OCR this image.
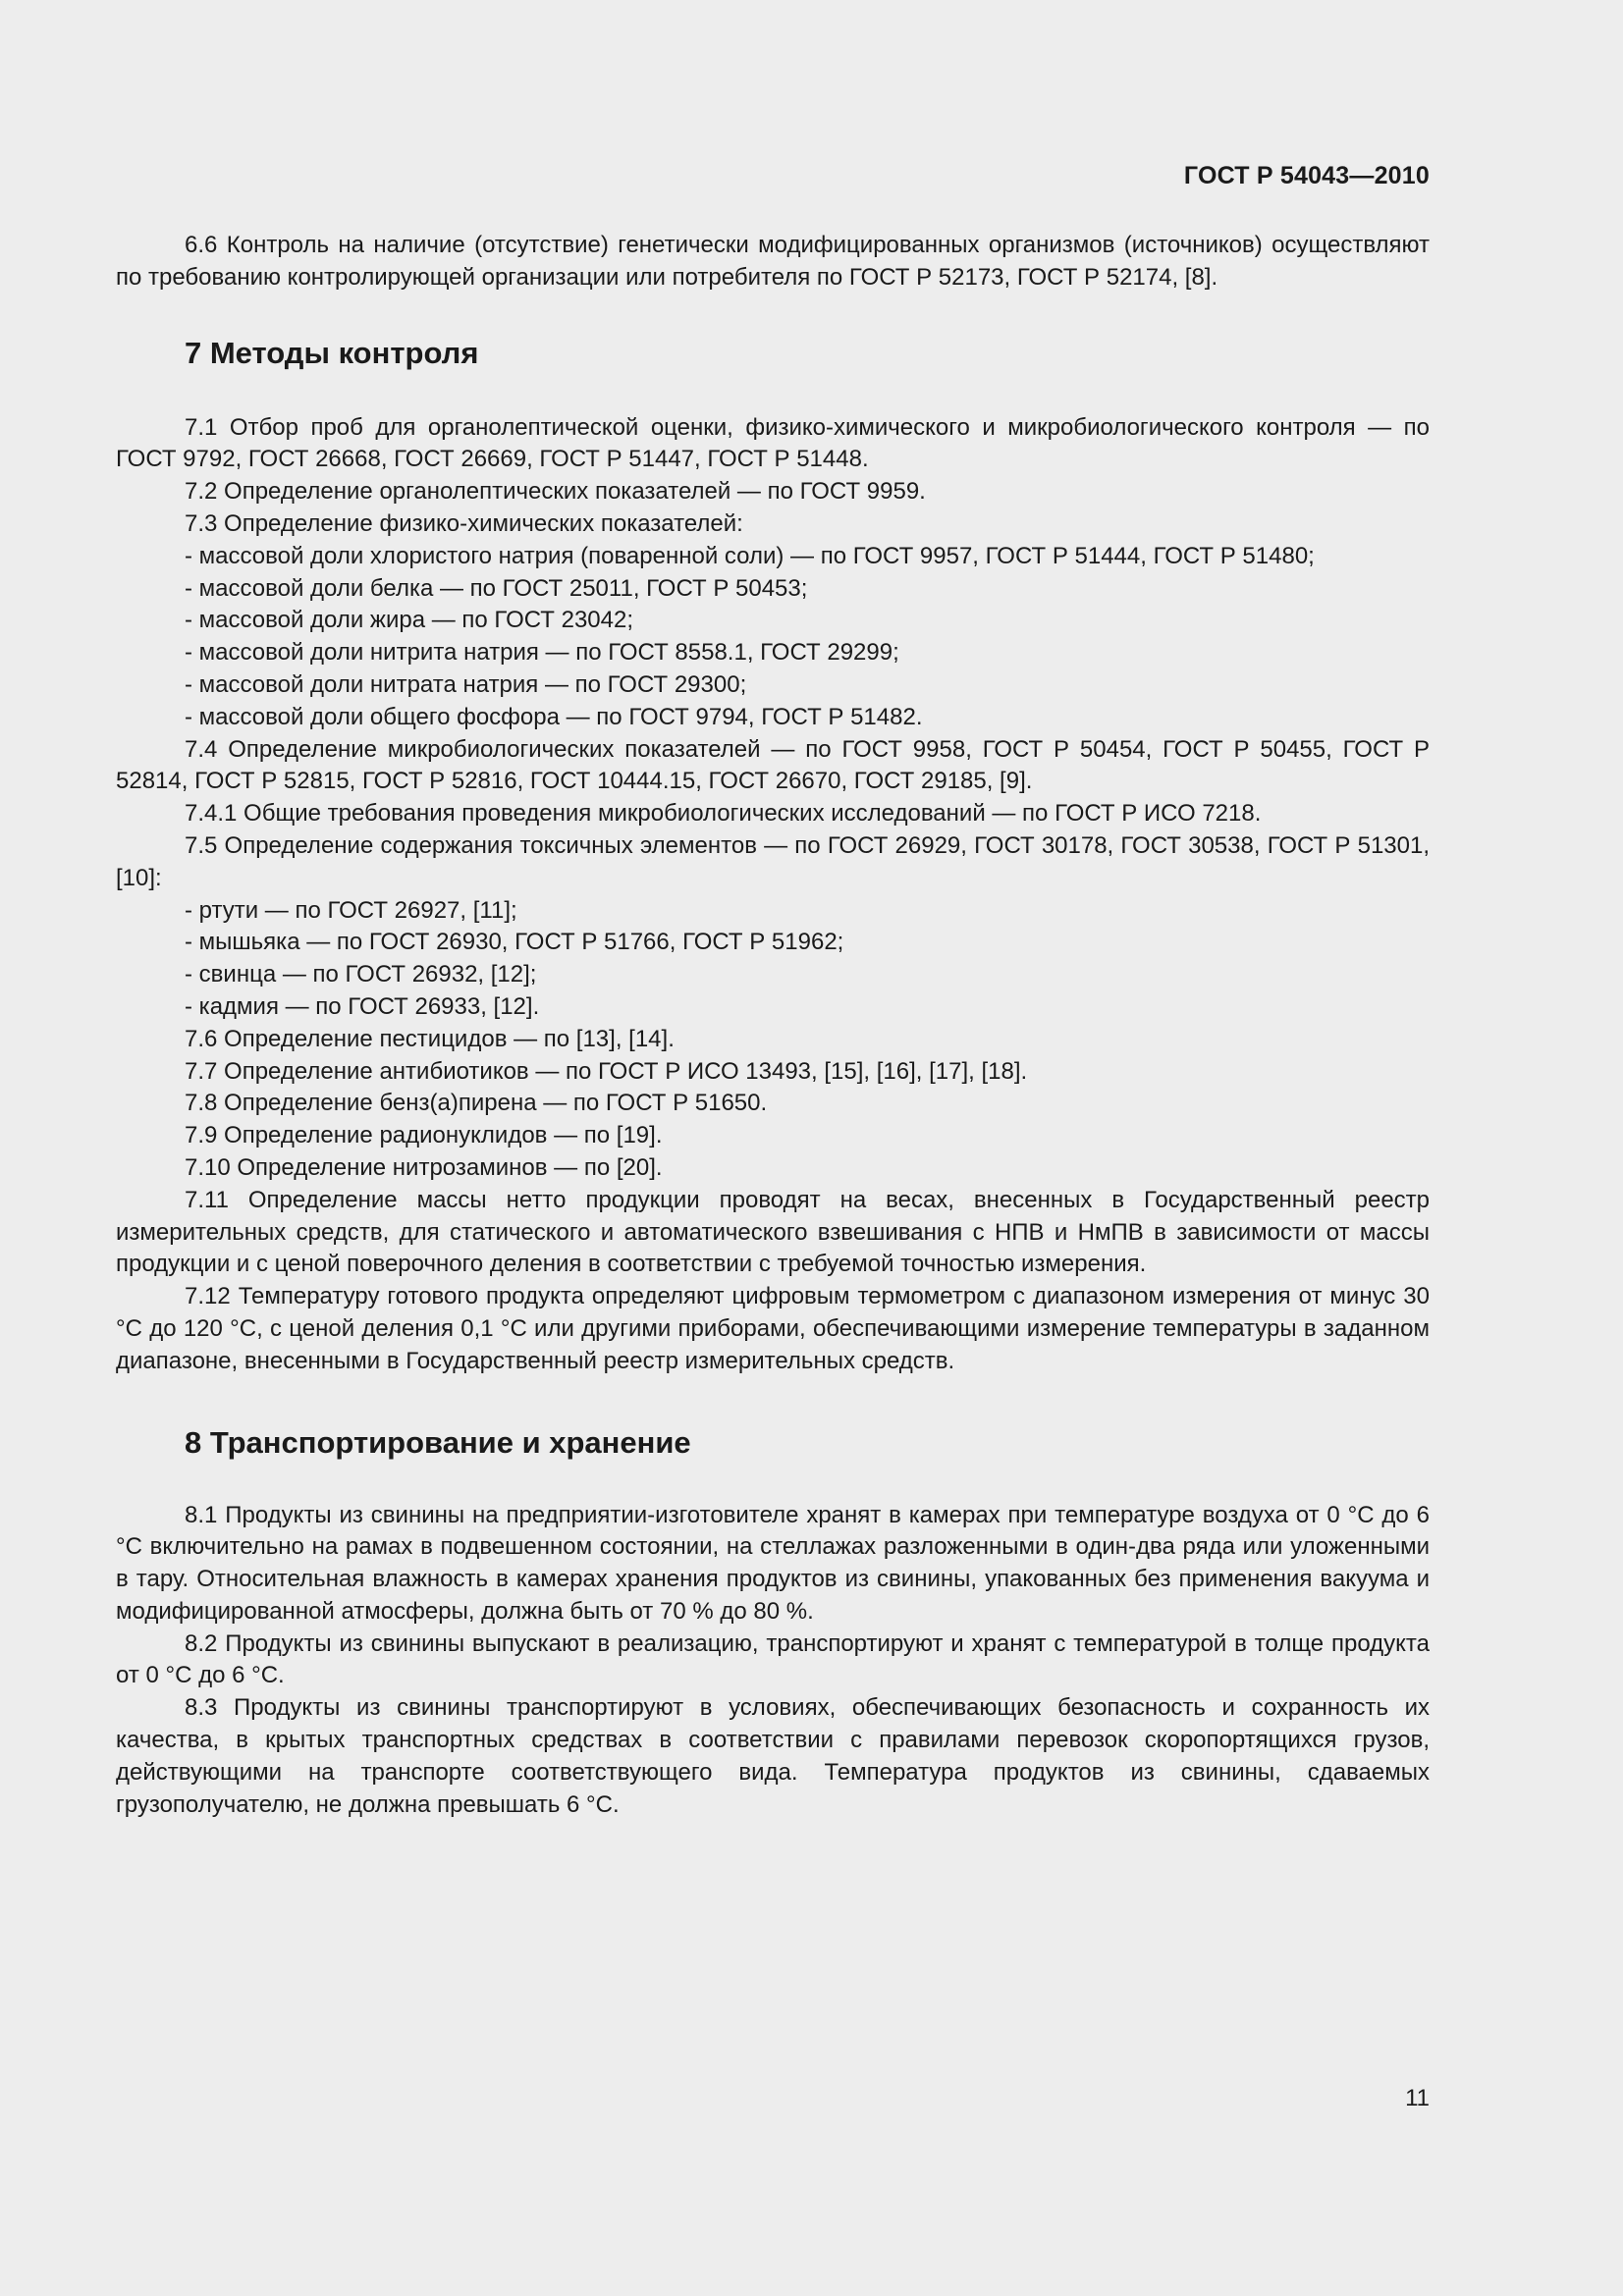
ГОСТ Р 54043—2010

6.6 Контроль на наличие (отсутствие) генетически модифицированных организмов (источников) осуществляют по требованию контролирующей организации или потребителя по ГОСТ Р 52173, ГОСТ Р 52174, [8].

7 Методы контроля

7.1 Отбор проб для органолептической оценки, физико-химического и микробиологического контроля — по ГОСТ 9792, ГОСТ 26668, ГОСТ 26669, ГОСТ Р 51447, ГОСТ Р 51448.

7.2 Определение органолептических показателей — по ГОСТ 9959.

7.3 Определение физико-химических показателей:

- массовой доли хлористого натрия (поваренной соли) — по ГОСТ 9957, ГОСТ Р 51444, ГОСТ Р 51480;

- массовой доли белка — по ГОСТ 25011, ГОСТ Р 50453;

- массовой доли жира — по ГОСТ 23042;

- массовой доли нитрита натрия — по ГОСТ 8558.1, ГОСТ 29299;

- массовой доли нитрата натрия — по ГОСТ 29300;

- массовой доли общего фосфора — по ГОСТ 9794, ГОСТ Р 51482.

7.4 Определение микробиологических показателей — по ГОСТ 9958, ГОСТ Р 50454, ГОСТ Р 50455, ГОСТ Р 52814, ГОСТ Р 52815, ГОСТ Р 52816, ГОСТ 10444.15, ГОСТ 26670, ГОСТ 29185, [9].

7.4.1 Общие требования проведения микробиологических исследований — по ГОСТ Р ИСО 7218.

7.5 Определение содержания токсичных элементов — по ГОСТ 26929, ГОСТ 30178, ГОСТ 30538, ГОСТ Р 51301, [10]:

- ртути — по ГОСТ 26927, [11];

- мышьяка — по ГОСТ 26930, ГОСТ Р 51766, ГОСТ Р 51962;

- свинца — по ГОСТ 26932, [12];

- кадмия — по ГОСТ 26933, [12].

7.6 Определение пестицидов — по [13], [14].

7.7 Определение антибиотиков — по ГОСТ Р ИСО 13493, [15], [16], [17], [18].

7.8 Определение бенз(а)пирена — по ГОСТ Р 51650.

7.9 Определение радионуклидов — по [19].

7.10 Определение нитрозаминов — по [20].

7.11 Определение массы нетто продукции проводят на весах, внесенных в Государственный реестр измерительных средств, для статического и автоматического взвешивания с НПВ и НмПВ в зависимости от массы продукции и с ценой поверочного деления в соответствии с требуемой точностью измерения.

7.12 Температуру готового продукта определяют цифровым термометром с диапазоном измерения от минус 30 °С до 120 °С, с ценой деления 0,1 °С или другими приборами, обеспечивающими измерение температуры в заданном диапазоне, внесенными в Государственный реестр измерительных средств.

8 Транспортирование и хранение

8.1 Продукты из свинины на предприятии-изготовителе хранят в камерах при температуре воздуха от 0 °С до 6 °С включительно на рамах в подвешенном состоянии, на стеллажах разложенными в один-два ряда или уложенными в тару. Относительная влажность в камерах хранения продуктов из свинины, упакованных без применения вакуума и модифицированной атмосферы, должна быть от 70 % до 80 %.

8.2 Продукты из свинины выпускают в реализацию, транспортируют и хранят с температурой в толще продукта от 0 °С до 6 °С.

8.3 Продукты из свинины транспортируют в условиях, обеспечивающих безопасность и сохранность их качества, в крытых транспортных средствах в соответствии с правилами перевозок скоропортящихся грузов, действующими на транспорте соответствующего вида. Температура продуктов из свинины, сдаваемых грузополучателю, не должна превышать 6 °С.

11
